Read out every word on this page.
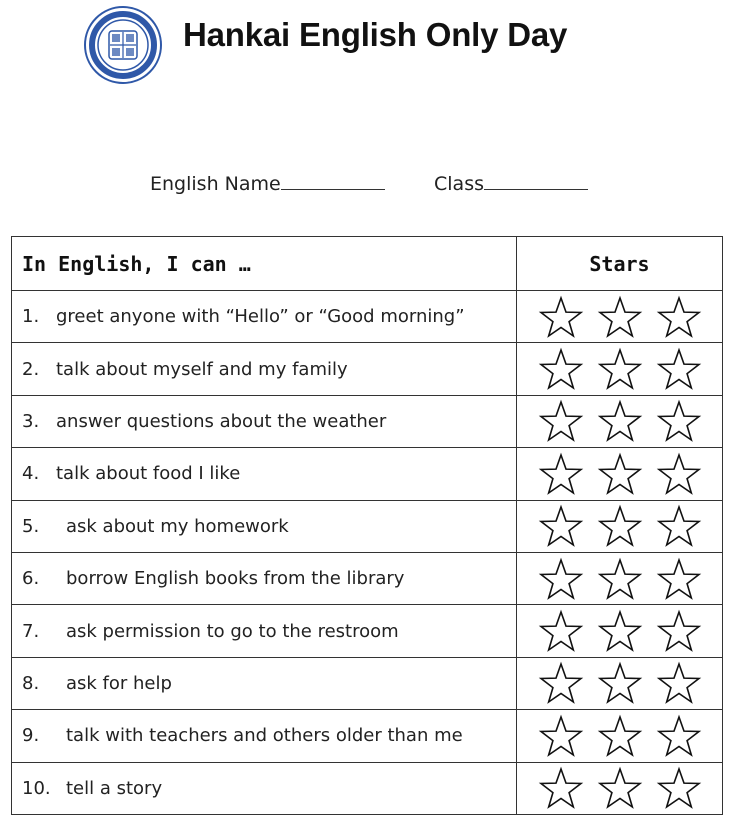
Hankai English Only Day
English Name	Class
In English, I can …	Stars
1. greet anyone with “Hello” or “Good morning”	

2. talk about myself and my family	

3. answer questions about the weather	

4. talk about food I like	

5. ask about my homework	

6. borrow English books from the library	

7. ask permission to go to the restroom	

8. ask for help	

9. talk with teachers and others older than me	

10. tell a story	
